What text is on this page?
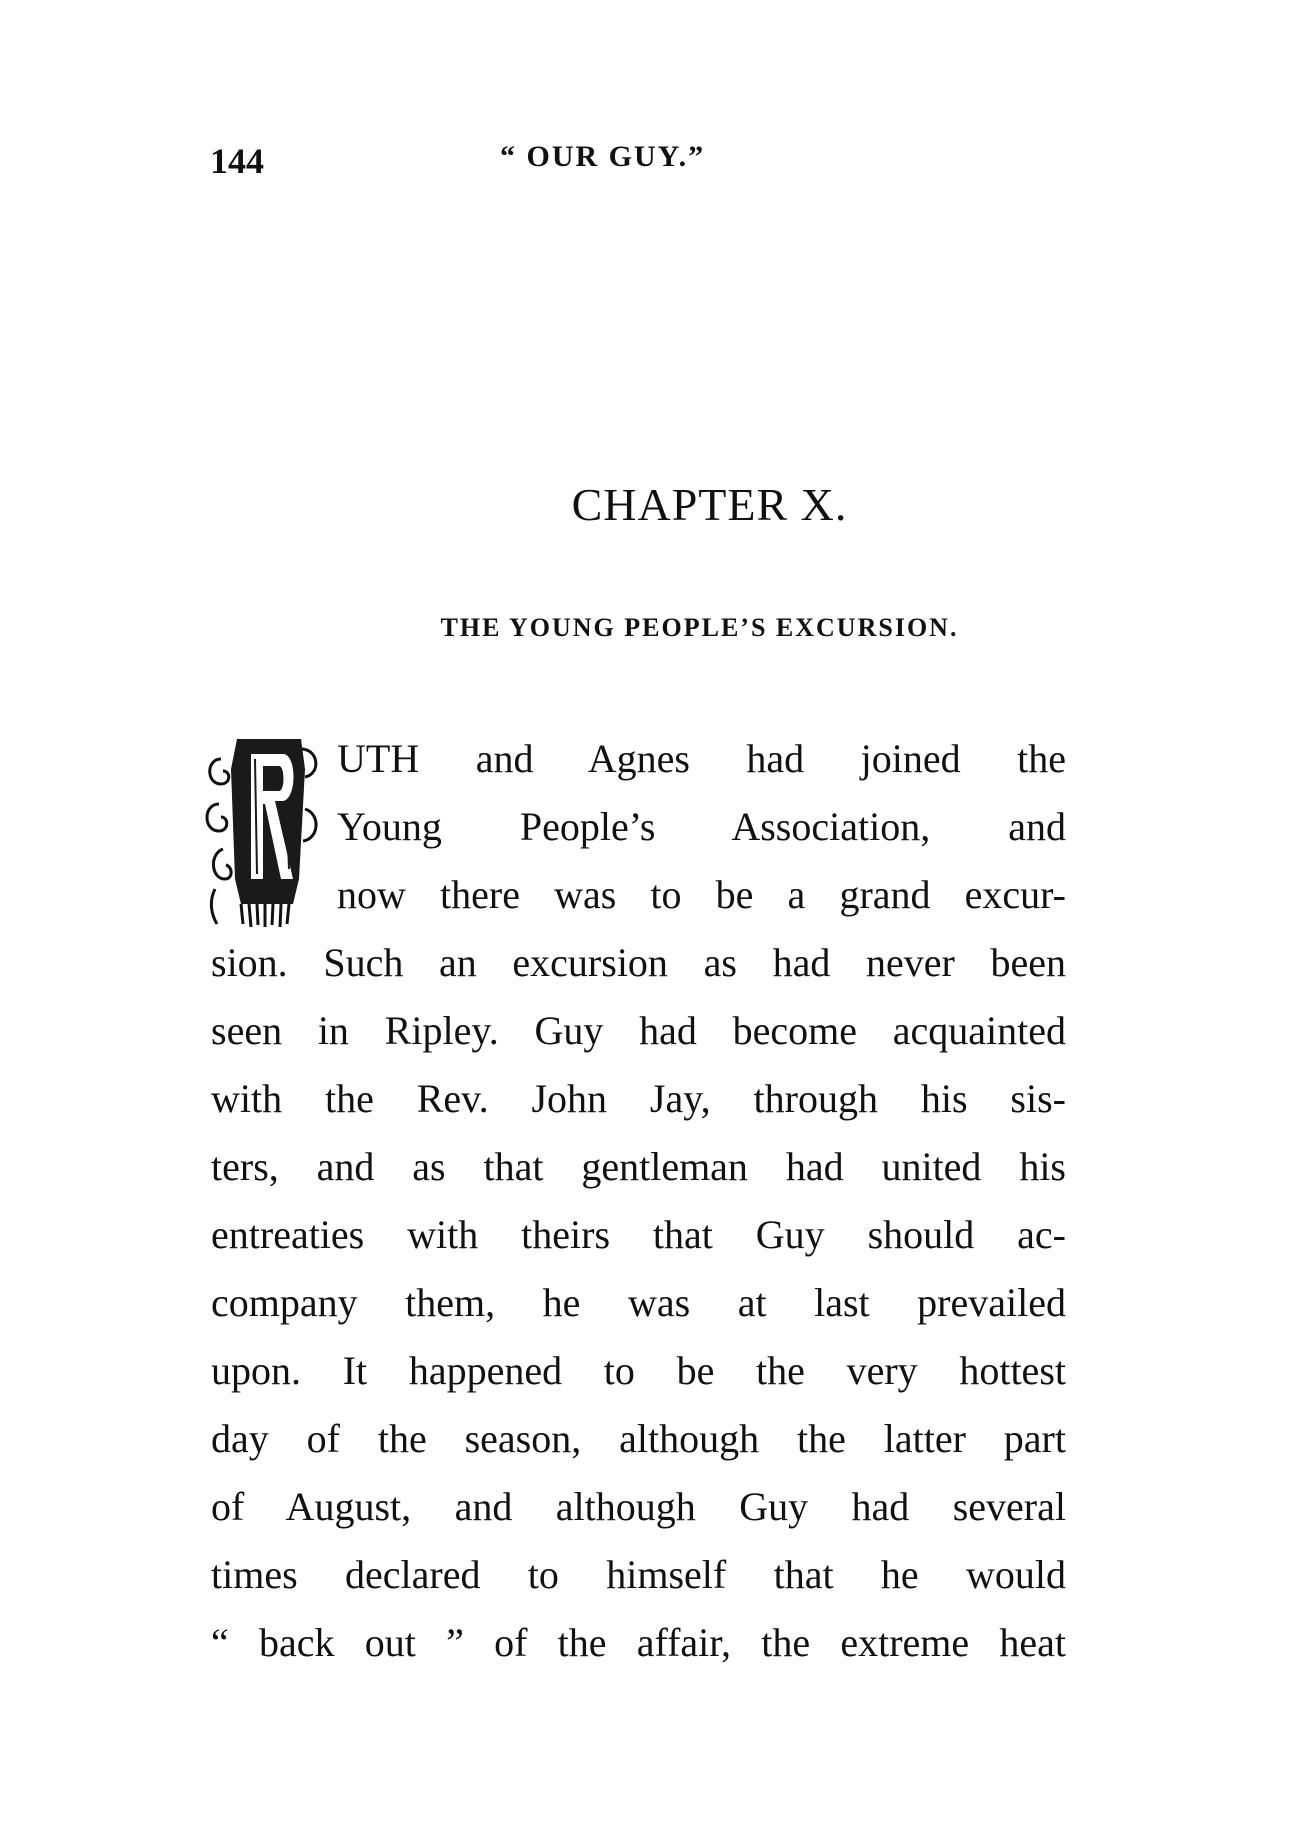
144	“ OUR GUY.”
CHAPTER X.
THE YOUNG PEOPLE’S EXCURSION.
UTH and Agnes had joined the
Young People’s Association, and
now there was to be a grand excur-
sion. Such an excursion as had never been
seen in Ripley. Guy had become acquainted
with the Rev. John Jay, through his sis-
ters, and as that gentleman had united his
entreaties with theirs that Guy should ac-
company them, he was at last prevailed
upon. It happened to be the very hottest
day of the season, although the latter part
of August, and although Guy had several
times declared to himself that he would
“ back out ” of the affair, the extreme heat
